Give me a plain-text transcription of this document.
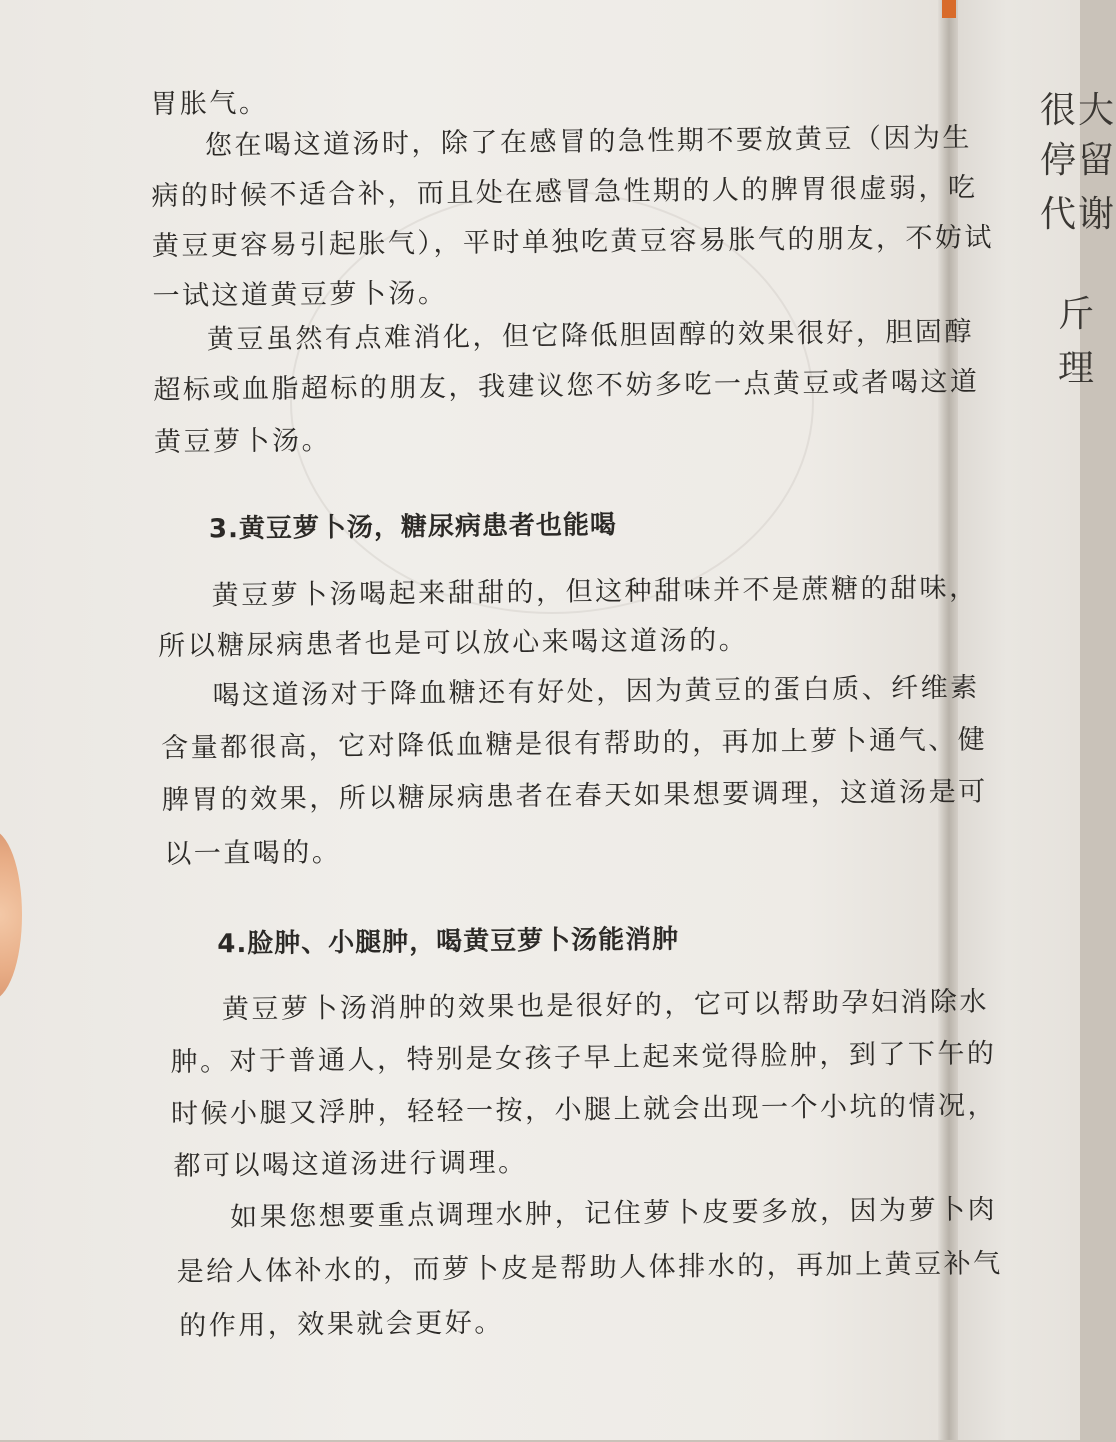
很大
停留
代谢
斤
理
胃胀气。
您在喝这道汤时，除了在感冒的急性期不要放黄豆（因为生
病的时候不适合补，而且处在感冒急性期的人的脾胃很虚弱，吃
黄豆更容易引起胀气），平时单独吃黄豆容易胀气的朋友，不妨试
一试这道黄豆萝卜汤。
黄豆虽然有点难消化，但它降低胆固醇的效果很好，胆固醇
超标或血脂超标的朋友，我建议您不妨多吃一点黄豆或者喝这道
黄豆萝卜汤。
3.黄豆萝卜汤，糖尿病患者也能喝
黄豆萝卜汤喝起来甜甜的，但这种甜味并不是蔗糖的甜味，
所以糖尿病患者也是可以放心来喝这道汤的。
喝这道汤对于降血糖还有好处，因为黄豆的蛋白质、纤维素
含量都很高，它对降低血糖是很有帮助的，再加上萝卜通气、健
脾胃的效果，所以糖尿病患者在春天如果想要调理，这道汤是可
以一直喝的。
4.脸肿、小腿肿，喝黄豆萝卜汤能消肿
黄豆萝卜汤消肿的效果也是很好的，它可以帮助孕妇消除水
肿。对于普通人，特别是女孩子早上起来觉得脸肿，到了下午的
时候小腿又浮肿，轻轻一按，小腿上就会出现一个小坑的情况，
都可以喝这道汤进行调理。
如果您想要重点调理水肿，记住萝卜皮要多放，因为萝卜肉
是给人体补水的，而萝卜皮是帮助人体排水的，再加上黄豆补气
的作用，效果就会更好。
